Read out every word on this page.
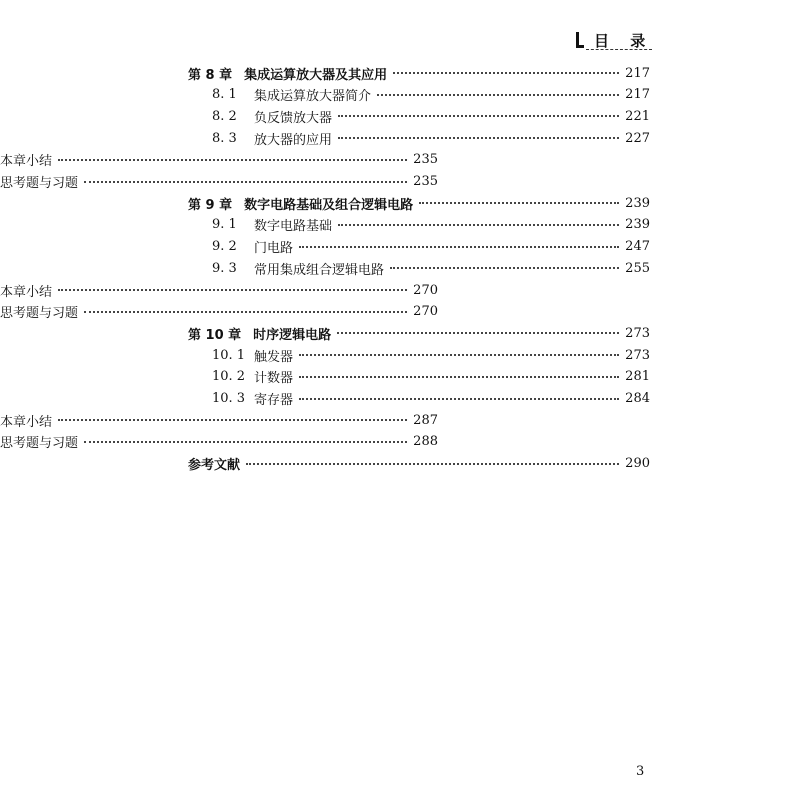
目 录
第 8 章 集成运算放大器及其应用	217
8. 1	集成运算放大器简介	217
8. 2	负反馈放大器	221
8. 3	放大器的应用	227
本章小结	235
思考题与习题	235
第 9 章 数字电路基础及组合逻辑电路	239
9. 1	数字电路基础	239
9. 2	门电路	247
9. 3	常用集成组合逻辑电路	255
本章小结	270
思考题与习题	270
第 10 章 时序逻辑电路	273
10. 1 触发器	273
10. 2 计数器	281
10. 3 寄存器	284
本章小结	287
思考题与习题	288
参考文献	290
3
